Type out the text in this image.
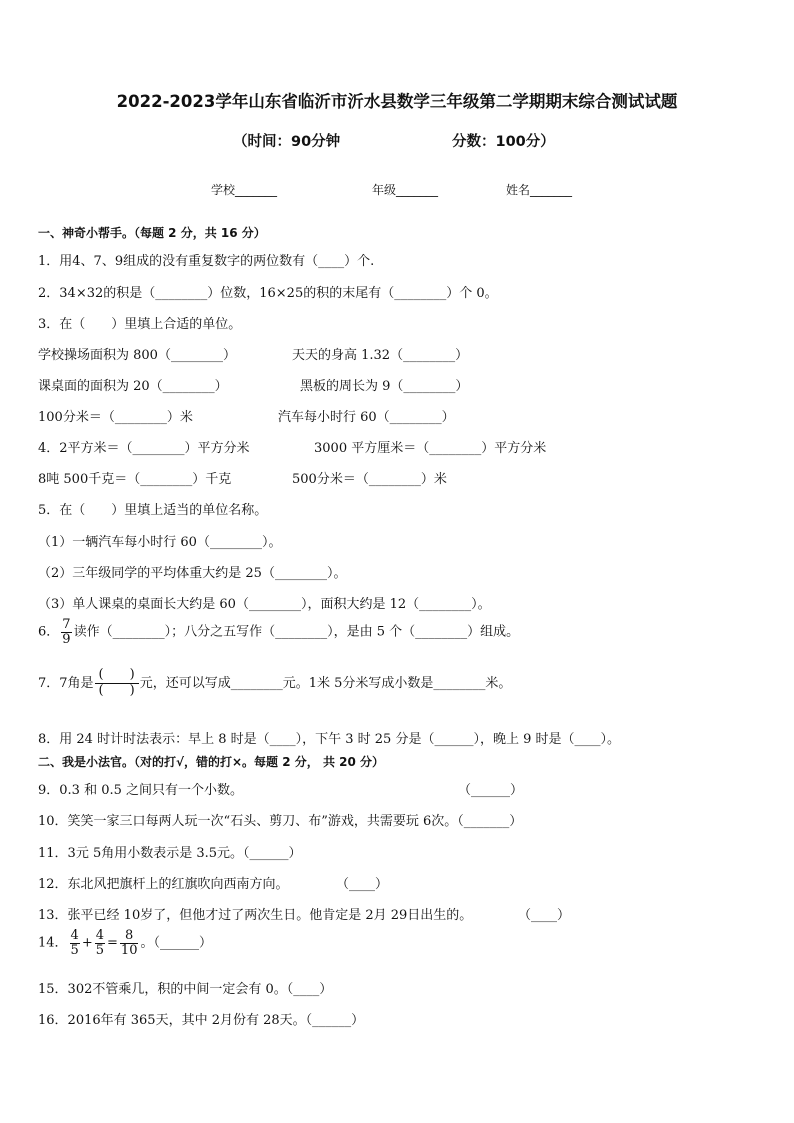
2022-2023学年山东省临沂市沂水县数学三年级第二学期期末综合测试试题
（时间：90分钟	分数：100分）
学校_______	年级_______	姓名_______
一、神奇小帮手。（每题 2 分，共 16 分）
1．用4、7、9组成的没有重复数字的两位数有（____）个.
2．34×32的积是（________）位数，16×25的积的末尾有（________）个 0。
3．在（　　）里填上合适的单位。
学校操场面积为 800（________）	天天的身高 1.32（________）
课桌面的面积为 20（________）	黑板的周长为 9（________）
100分米＝（________）米	汽车每小时行 60（________）
4．2平方米＝（________）平方分米	3000 平方厘米＝（________）平方分米
8吨 500千克＝（________）千克	500分米＝（________）米
5．在（　　）里填上适当的单位名称。
（1）一辆汽车每小时行 60（________）。
（2）三年级同学的平均体重大约是 25（________）。
（3）单人课桌的桌面长大约是 60（________），面积大约是 12（________）。
6． $\frac{7}{9}$ 读作（________）；八分之五写作（________），是由 5 个（________）组成。
7．7角是
(　　)
(　　) 元，还可以写成________元。1米 5分米写成小数是________米。
8．用 24 时计时法表示：早上 8 时是（____），下午 3 时 25 分是（______），晚上 9 时是（____）。
二、我是小法官。（对的打√，错的打×。每题 2 分， 共 20 分）
9．0.3 和 0.5 之间只有一个小数。	（______）
10．笑笑一家三口每两人玩一次“石头、剪刀、布”游戏，共需要玩 6次。（_______）
11．3元 5角用小数表示是 3.5元。（______）
12．东北风把旗杆上的红旗吹向西南方向。	（____）
13．张平已经 10岁了，但他才过了两次生日。他肯定是 2月 29日出生的。	（____）
14． $\frac{4}{5} + \frac{4}{5} = \frac{8}{10}$ 。（______）
15．302不管乘几，积的中间一定会有 0。（____）
16．2016年有 365天，其中 2月份有 28天。（______）
